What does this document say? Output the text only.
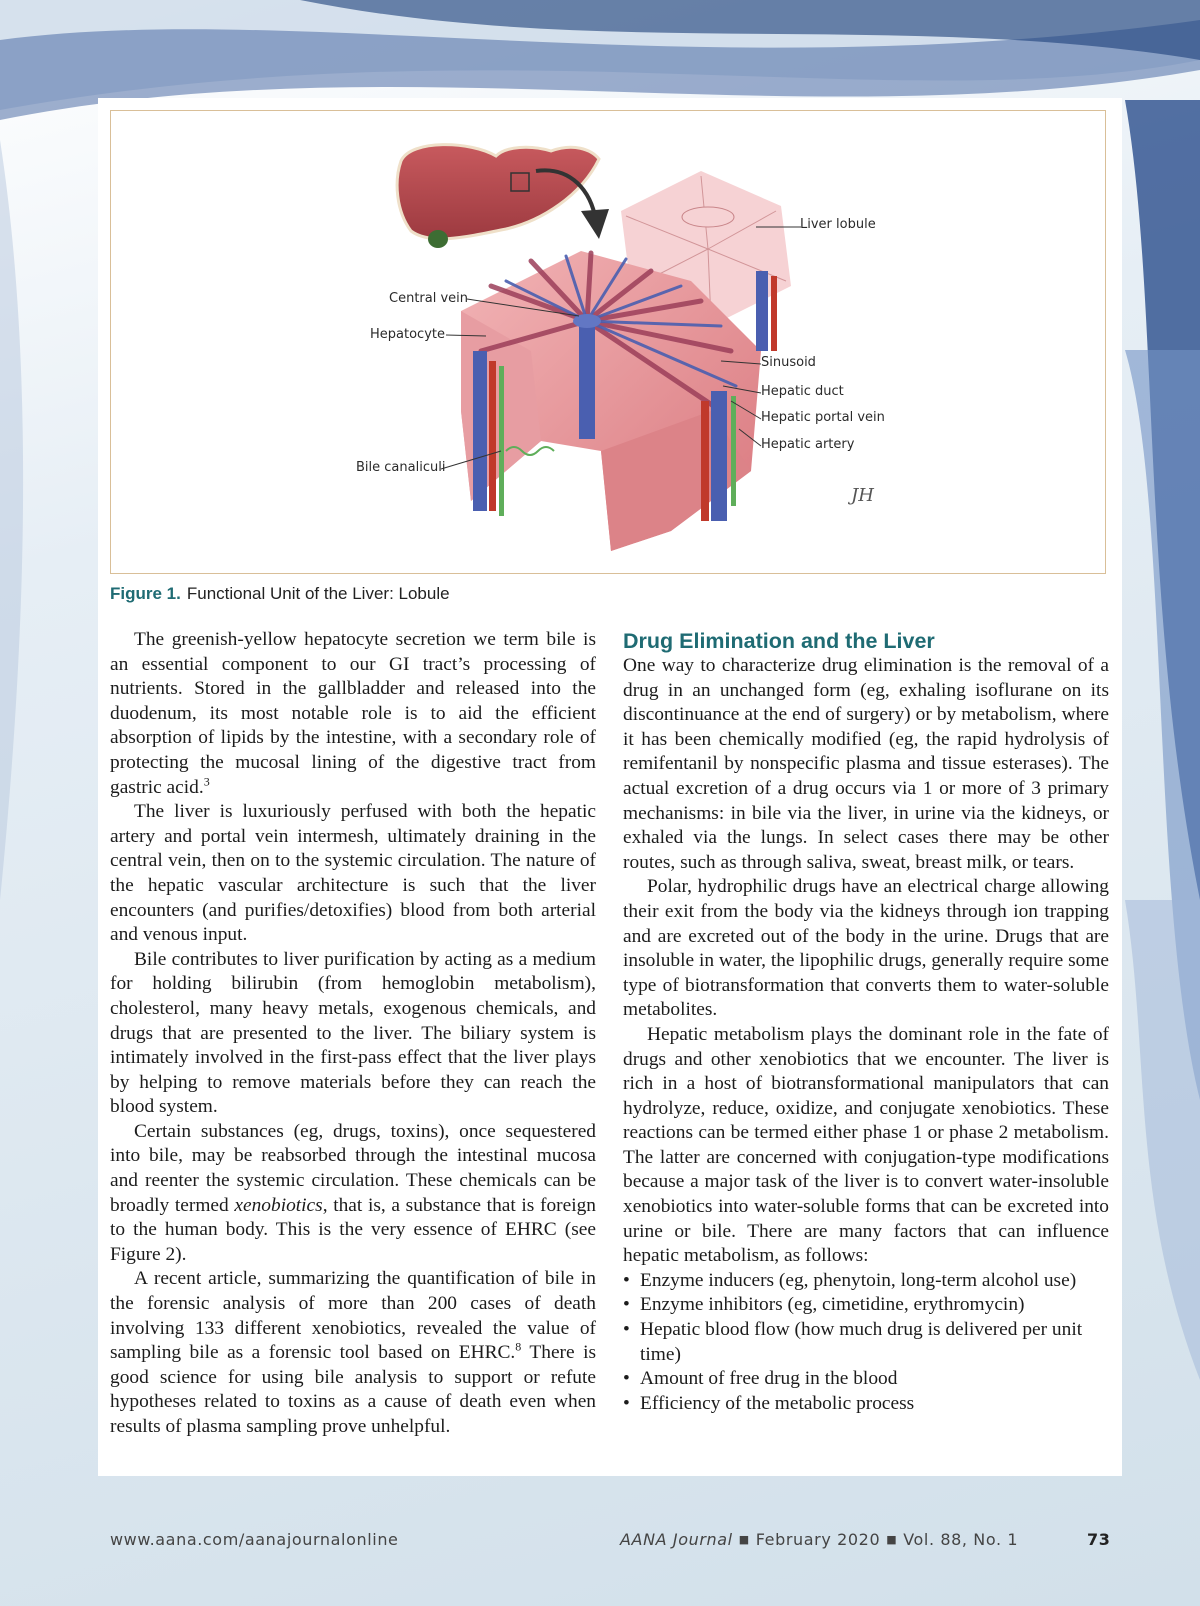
JH
Liver lobule
Central vein
Hepatocyte
Sinusoid
Hepatic duct
Hepatic portal vein
Hepatic artery
Bile canaliculi
Figure 1. Functional Unit of the Liver: Lobule

The greenish-yellow hepatocyte secretion we term bile is an essential component to our GI tract’s processing of nutrients. Stored in the gallbladder and released into the duodenum, its most notable role is to aid the efficient absorption of lipids by the intestine, with a secondary role of protecting the mucosal lining of the digestive tract from gastric acid.$^3$

The liver is luxuriously perfused with both the hepatic artery and portal vein intermesh, ultimately draining in the central vein, then on to the systemic circulation. The nature of the hepatic vascular architecture is such that the liver encounters (and purifies/detoxifies) blood from both arterial and venous input.

Bile contributes to liver purification by acting as a medium for holding bilirubin (from hemoglobin metabolism), cholesterol, many heavy metals, exogenous chemicals, and drugs that are presented to the liver. The biliary system is intimately involved in the first-pass effect that the liver plays by helping to remove materials before they can reach the blood system.

Certain substances (eg, drugs, toxins), once sequestered into bile, may be reabsorbed through the intestinal mucosa and reenter the systemic circulation. These chemicals can be broadly termed xenobiotics, that is, a substance that is foreign to the human body. This is the very essence of EHRC (see Figure 2).

A recent article, summarizing the quantification of bile in the forensic analysis of more than 200 cases of death involving 133 different xenobiotics, revealed the value of sampling bile as a forensic tool based on EHRC.$^8$ There is good science for using bile analysis to support or refute hypotheses related to toxins as a cause of death even when results of plasma sampling prove unhelpful.

Drug Elimination and the Liver

One way to characterize drug elimination is the removal of a drug in an unchanged form (eg, exhaling isoflurane on its discontinuance at the end of surgery) or by metabolism, where it has been chemically modified (eg, the rapid hydrolysis of remifentanil by nonspecific plasma and tissue esterases). The actual excretion of a drug occurs via 1 or more of 3 primary mechanisms: in bile via the liver, in urine via the kidneys, or exhaled via the lungs. In select cases there may be other routes, such as through saliva, sweat, breast milk, or tears.

Polar, hydrophilic drugs have an electrical charge allowing their exit from the body via the kidneys through ion trapping and are excreted out of the body in the urine. Drugs that are insoluble in water, the lipophilic drugs, generally require some type of biotransformation that converts them to water-soluble metabolites.

Hepatic metabolism plays the dominant role in the fate of drugs and other xenobiotics that we encounter. The liver is rich in a host of biotransformational manipulators that can hydrolyze, reduce, oxidize, and conjugate xenobiotics. These reactions can be termed either phase 1 or phase 2 metabolism. The latter are concerned with conjugation-type modifications because a major task of the liver is to convert water-insoluble xenobiotics into water-soluble forms that can be excreted into urine or bile. There are many factors that can influence hepatic metabolism, as follows:

• Enzyme inducers (eg, phenytoin, long-term alcohol use)
• Enzyme inhibitors (eg, cimetidine, erythromycin)
• Hepatic blood flow (how much drug is delivered per unit time)
• Amount of free drug in the blood
• Efficiency of the metabolic process
www.aana.com/aanajournalonline	AANA Journal ■ February 2020 ■ Vol. 88, No. 1	73
